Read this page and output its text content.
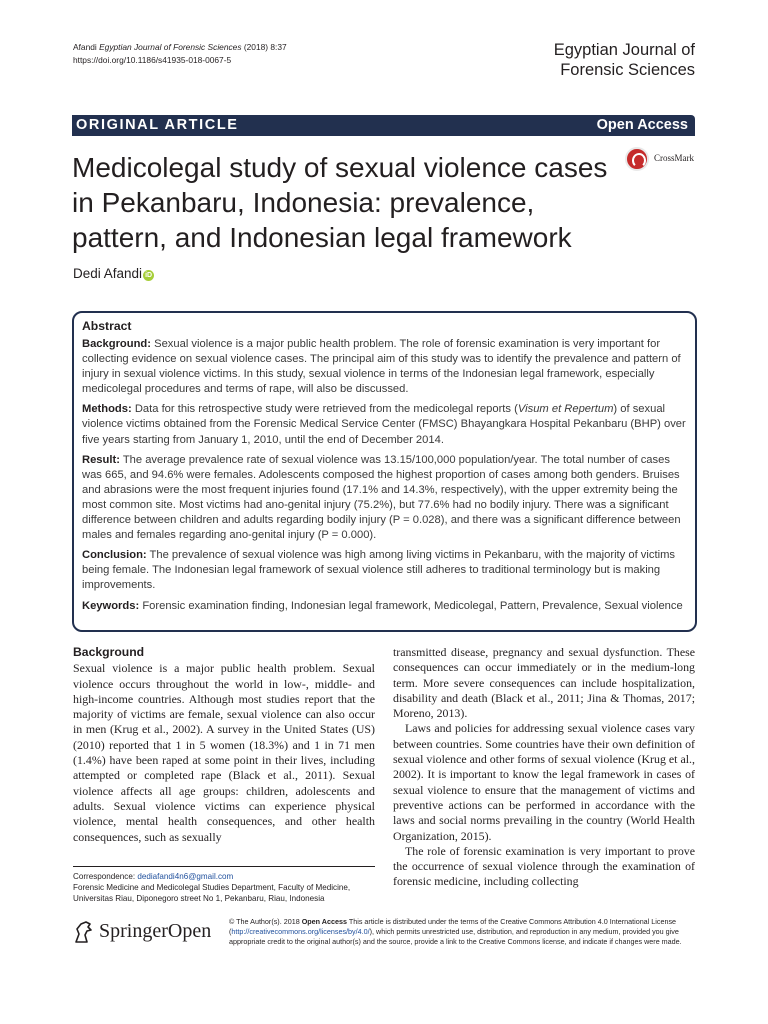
Afandi Egyptian Journal of Forensic Sciences (2018) 8:37
https://doi.org/10.1186/s41935-018-0067-5
Egyptian Journal of
Forensic Sciences
ORIGINAL ARTICLE	Open Access
Medicolegal study of sexual violence cases
in Pekanbaru, Indonesia: prevalence,
pattern, and Indonesian legal framework
CrossMark
Dedi Afandi iD
Abstract

Background: Sexual violence is a major public health problem. The role of forensic examination is very important for collecting evidence on sexual violence cases. The principal aim of this study was to identify the prevalence and pattern of injury in sexual violence victims. In this study, sexual violence in terms of the Indonesian legal framework, especially medicolegal procedures and terms of rape, will also be discussed.

Methods: Data for this retrospective study were retrieved from the medicolegal reports (Visum et Repertum) of sexual violence victims obtained from the Forensic Medical Service Center (FMSC) Bhayangkara Hospital Pekanbaru (BHP) over five years starting from January 1, 2010, until the end of December 2014.

Result: The average prevalence rate of sexual violence was 13.15/100,000 population/year. The total number of cases was 665, and 94.6% were females. Adolescents composed the highest proportion of cases among both genders. Bruises and abrasions were the most frequent injuries found (17.1% and 14.3%, respectively), with the upper extremity being the most common site. Most victims had ano-genital injury (75.2%), but 77.6% had no bodily injury. There was a significant difference between children and adults regarding bodily injury (P = 0.028), and there was a significant difference between males and females regarding ano-genital injury (P = 0.000).

Conclusion: The prevalence of sexual violence was high among living victims in Pekanbaru, with the majority of victims being female. The Indonesian legal framework of sexual violence still adheres to traditional terminology but is making improvements.

Keywords: Forensic examination finding, Indonesian legal framework, Medicolegal, Pattern, Prevalence, Sexual violence

Background

Sexual violence is a major public health problem. Sexual violence occurs throughout the world in low-, middle- and high-income countries. Although most studies report that the majority of victims are female, sexual violence can also occur in men (Krug et al., 2002). A survey in the United States (US) (2010) reported that 1 in 5 women (18.3%) and 1 in 71 men (1.4%) have been raped at some point in their lives, including attempted or completed rape (Black et al., 2011). Sexual violence affects all age groups: children, adolescents and adults. Sexual violence victims can experience physical violence, mental health consequences, and other health consequences, such as sexually

transmitted disease, pregnancy and sexual dysfunction. These consequences can occur immediately or in the medium-long term. More severe consequences can include hospitalization, disability and death (Black et al., 2011; Jina & Thomas, 2017; Moreno, 2013).

Laws and policies for addressing sexual violence cases vary between countries. Some countries have their own definition of sexual violence and other forms of sexual violence (Krug et al., 2002). It is important to know the legal framework in cases of sexual violence to ensure that the management of victims and preventive actions can be performed in accordance with the laws and social norms prevailing in the country (World Health Organization, 2015).

The role of forensic examination is very important to prove the occurrence of sexual violence through the examination of forensic medicine, including collecting

Correspondence: dediafandi4n6@gmail.com
Forensic Medicine and Medicolegal Studies Department, Faculty of Medicine,
Universitas Riau, Diponegoro street No 1, Pekanbaru, Riau, Indonesia
SpringerOpen © The Author(s). 2018 Open Access This article is distributed under the terms of the Creative Commons Attribution 4.0 International License (http://creativecommons.org/licenses/by/4.0/), which permits unrestricted use, distribution, and reproduction in any medium, provided you give appropriate credit to the original author(s) and the source, provide a link to the Creative Commons license, and indicate if changes were made.
